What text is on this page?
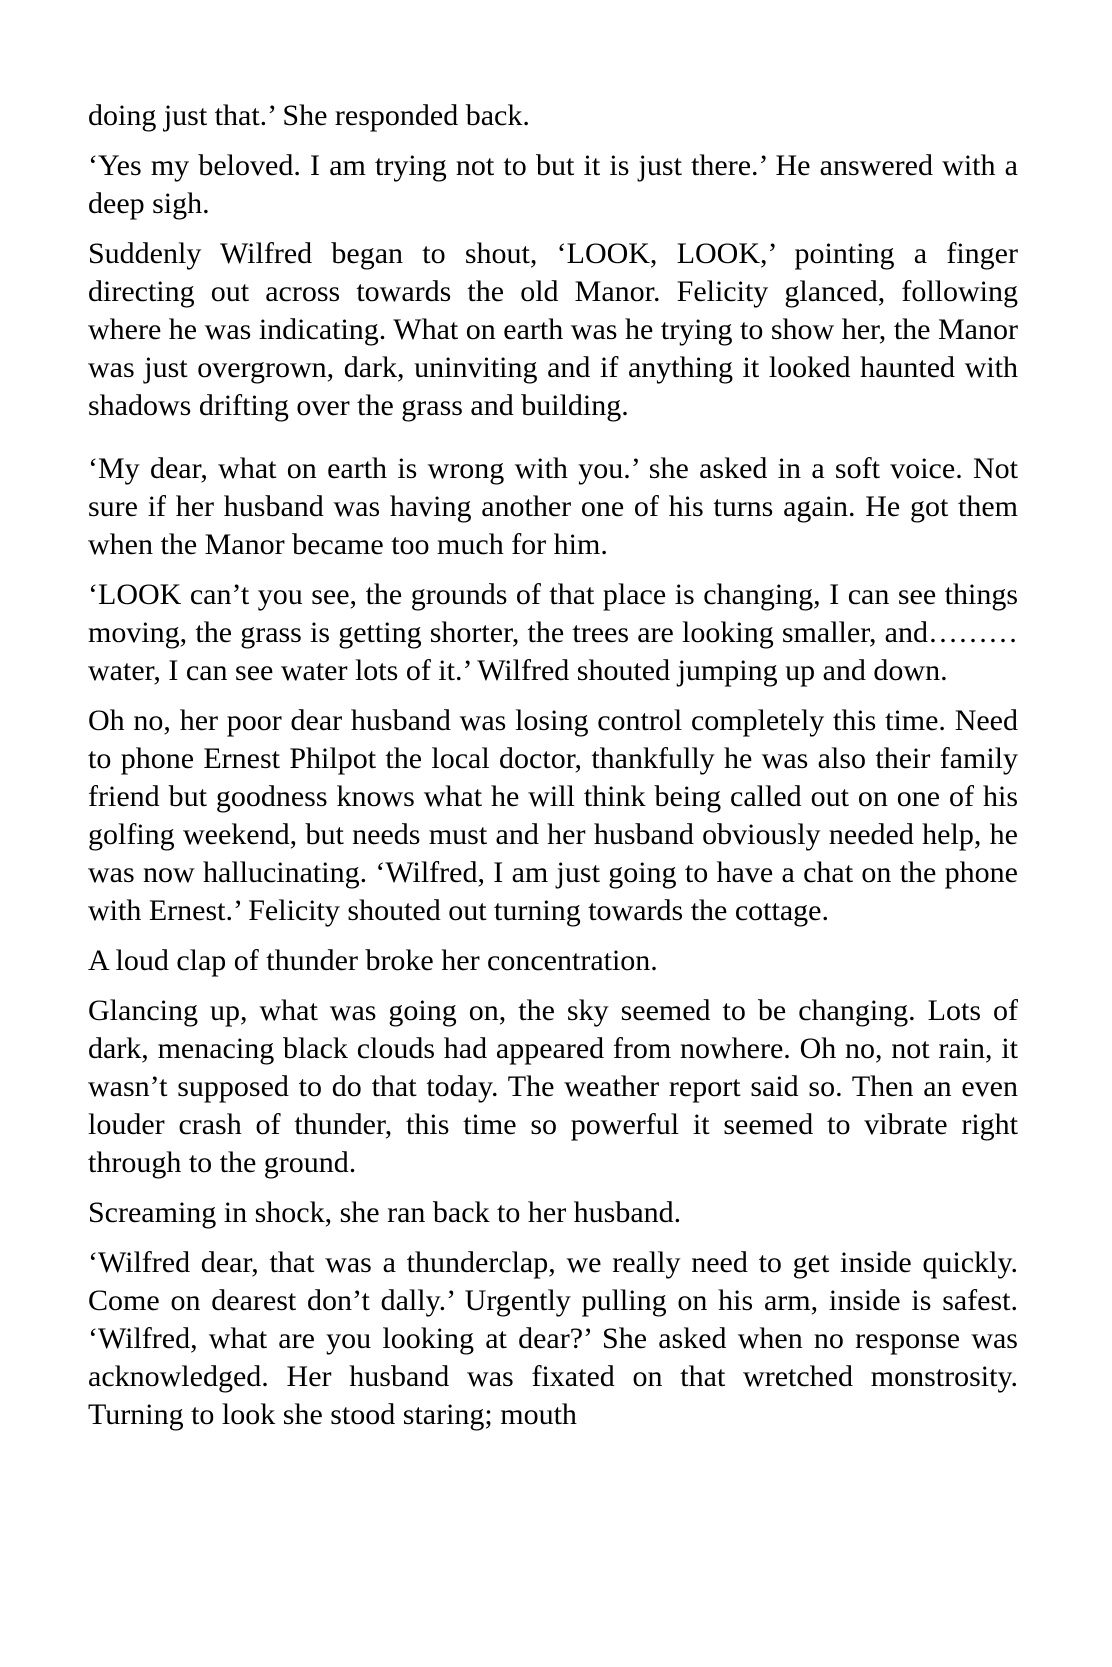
doing just that.’ She responded back.

‘Yes my beloved. I am trying not to but it is just there.’ He answered with a deep sigh.

Suddenly Wilfred began to shout, ‘LOOK, LOOK,’ pointing a finger directing out across towards the old Manor. Felicity glanced, following where he was indicating. What on earth was he trying to show her, the Manor was just overgrown, dark, uninviting and if anything it looked haunted with shadows drifting over the grass and building.

‘My dear, what on earth is wrong with you.’ she asked in a soft voice. Not sure if her husband was having another one of his turns again. He got them when the Manor became too much for him.

‘LOOK can’t you see, the grounds of that place is changing, I can see things moving, the grass is getting shorter, the trees are looking smaller, and……… water, I can see water lots of it.’ Wilfred shouted jumping up and down.

Oh no, her poor dear husband was losing control completely this time. Need to phone Ernest Philpot the local doctor, thankfully he was also their family friend but goodness knows what he will think being called out on one of his golfing weekend, but needs must and her husband obviously needed help, he was now hallucinating. ‘Wilfred, I am just going to have a chat on the phone with Ernest.’ Felicity shouted out turning towards the cottage.

A loud clap of thunder broke her concentration.

Glancing up, what was going on, the sky seemed to be changing. Lots of dark, menacing black clouds had appeared from nowhere. Oh no, not rain, it wasn’t supposed to do that today. The weather report said so. Then an even louder crash of thunder, this time so powerful it seemed to vibrate right through to the ground.

Screaming in shock, she ran back to her husband.

‘Wilfred dear, that was a thunderclap, we really need to get inside quickly. Come on dearest don’t dally.’ Urgently pulling on his arm, inside is safest. ‘Wilfred, what are you looking at dear?’ She asked when no response was acknowledged. Her husband was fixated on that wretched monstrosity. Turning to look she stood staring; mouth
